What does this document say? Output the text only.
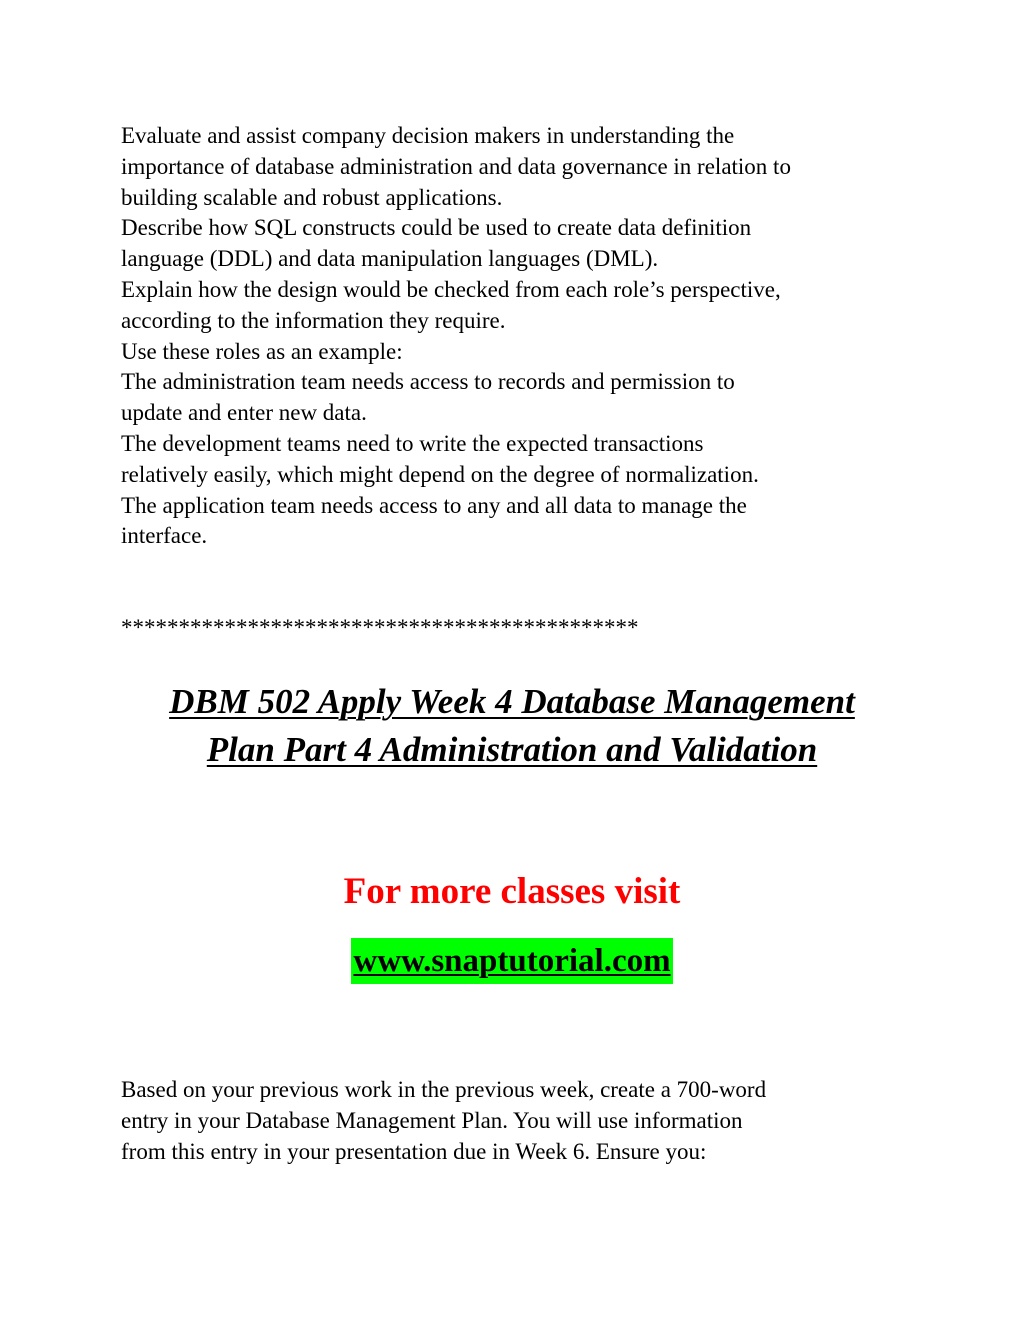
Evaluate and assist company decision makers in understanding the

importance of database administration and data governance in relation to

building scalable and robust applications.

Describe how SQL constructs could be used to create data definition

language (DDL) and data manipulation languages (DML).

Explain how the design would be checked from each role’s perspective,

according to the information they require.

Use these roles as an example:

The administration team needs access to records and permission to

update and enter new data.

The development teams need to write the expected transactions

relatively easily, which might depend on the degree of normalization.

The application team needs access to any and all data to manage the

interface.

*********************************************
DBM 502 Apply Week 4 Database Management
Plan Part 4 Administration and Validation
For more classes visit
www.snaptutorial.com

Based on your previous work in the previous week, create a 700-word

entry in your Database Management Plan. You will use information

from this entry in your presentation due in Week 6. Ensure you:
